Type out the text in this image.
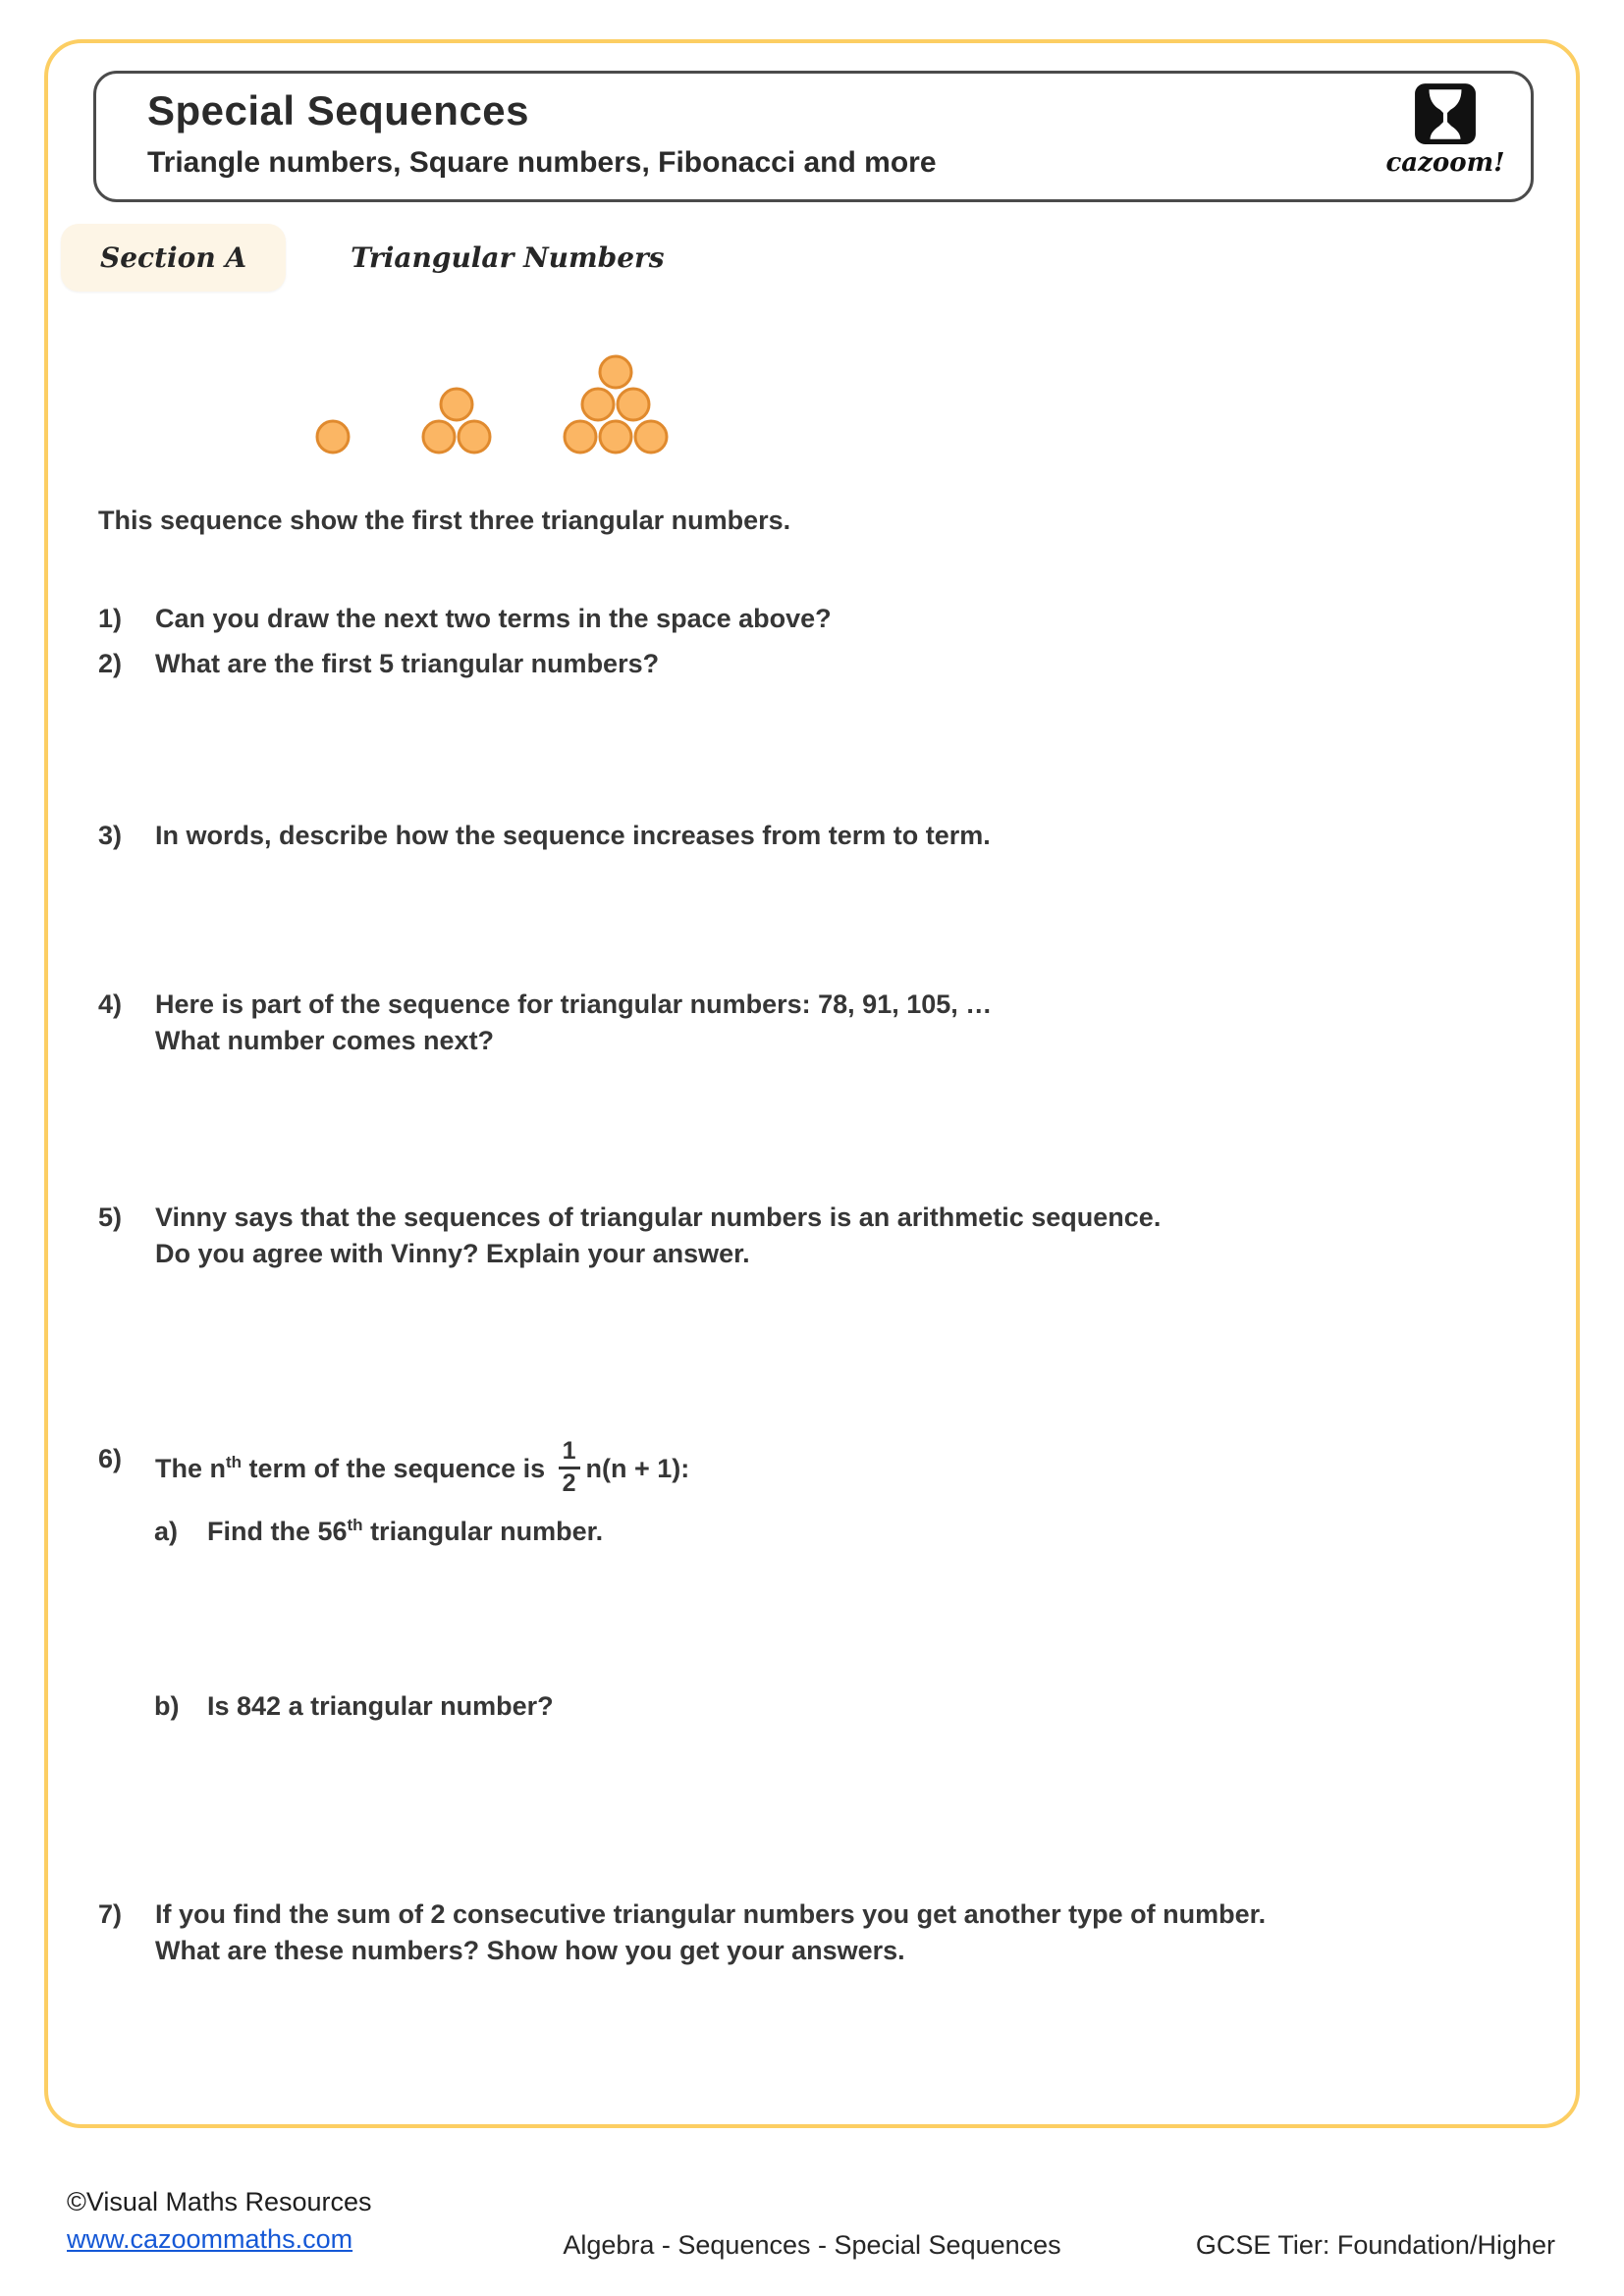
Special Sequences
Triangle numbers, Square numbers, Fibonacci and more	cazoom!
Section A	Triangular Numbers
This sequence show the first three triangular numbers.
1)	Can you draw the next two terms in the space above?
2)	What are the first 5 triangular numbers?
3)	In words, describe how the sequence increases from term to term.
4)	Here is part of the sequence for triangular numbers: 78, 91, 105, …
What number comes next?
5)	Vinny says that the sequences of triangular numbers is an arithmetic sequence.
Do you agree with Vinny? Explain your answer.
6)	The $n^{th}$ term of the sequence is $\frac{1}{2} n(n + 1)$:
a) Find the 56th triangular number.
b) Is 842 a triangular number?
7)	If you find the sum of 2 consecutive triangular numbers you get another type of number.
What are these numbers? Show how you get your answers.
©Visual Maths Resources
www.cazoommaths.com	Algebra - Sequences - Special Sequences	GCSE Tier: Foundation/Higher
